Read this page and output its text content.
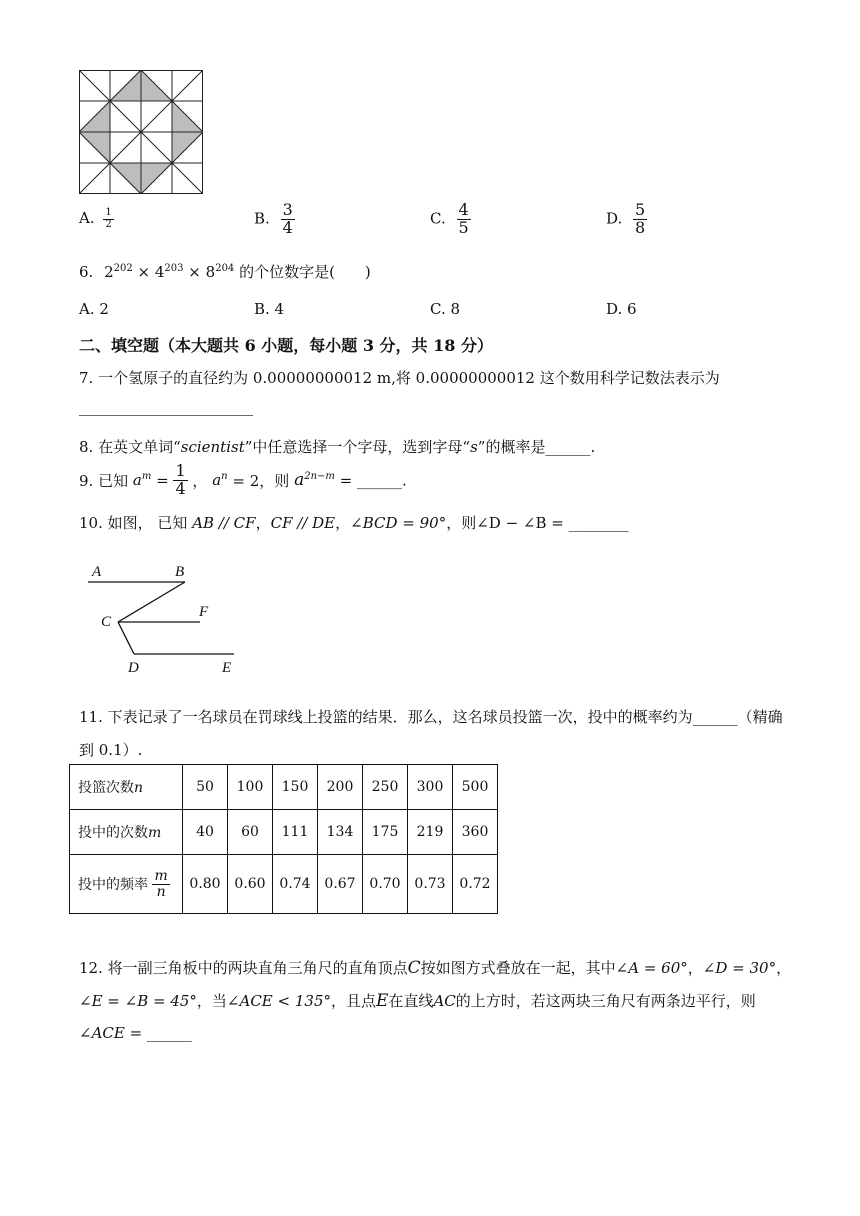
A. $\frac{1}{2}$	B. $\frac{3}{4}$	C. $\frac{4}{5}$	D. $\frac{5}{8}$
6. $2^{202} \times 4^{203} \times 8^{204}$ 的个位数字是(　　)
A. 2	B. 4	C. 8	D. 6
二、填空题（本大题共 6 小题，每小题 3 分，共 18 分）
7. 一个氢原子的直径约为 0.00000000012 m,将 0.00000000012 这个数用科学记数法表示为
8. 在英文单词“scientist”中任意选择一个字母，选到字母“s”的概率是______.
9. 已知 $a^m = \frac{1}{4}$ ， $a^n = 2$，则 $a^{2n-m}$ = ______.
10. 如图， 已知 AB // CF，CF // DE，∠BCD = 90°，则∠D − ∠B = ________
A	B
C
F
D	E
11. 下表记录了一名球员在罚球线上投篮的结果．那么，这名球员投篮一次，投中的概率约为______（精确
到 0.1）.
投篮次数n	50	100	150	200	250	300	500
投中的次数m	40	60	111	134	175	219	360
投中的频率 $\frac{m}{n}$	0.80	0.60	0.74	0.67	0.70	0.73	0.72
12. 将一副三角板中的两块直角三角尺的直角顶点C按如图方式叠放在一起，其中∠A = 60°，∠D = 30°，
∠E = ∠B = 45°，当∠ACE < 135°，且点E在直线AC的上方时，若这两块三角尺有两条边平行，则
∠ACE = ______
